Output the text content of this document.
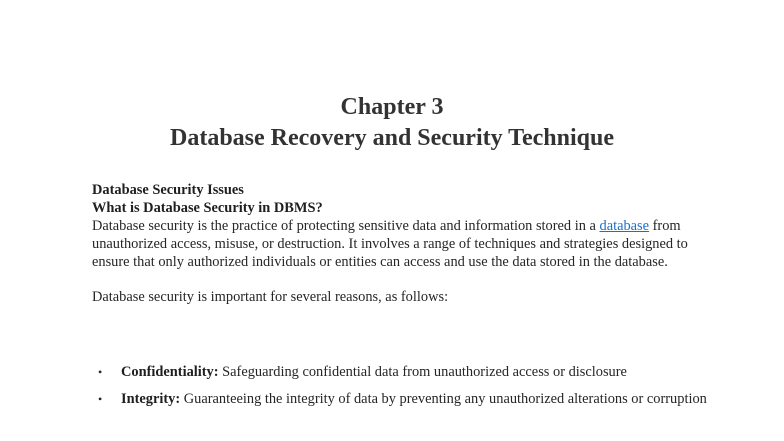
Chapter 3
Database Recovery and Security Technique
Database Security Issues
What is Database Security in DBMS?
Database security is the practice of protecting sensitive data and information stored in a database from unauthorized access, misuse, or destruction. It involves a range of techniques and strategies designed to ensure that only authorized individuals or entities can access and use the data stored in the database.
Database security is important for several reasons, as follows:
• Confidentiality: Safeguarding confidential data from unauthorized access or disclosure
• Integrity: Guaranteeing the integrity of data by preventing any unauthorized alterations or corruption
